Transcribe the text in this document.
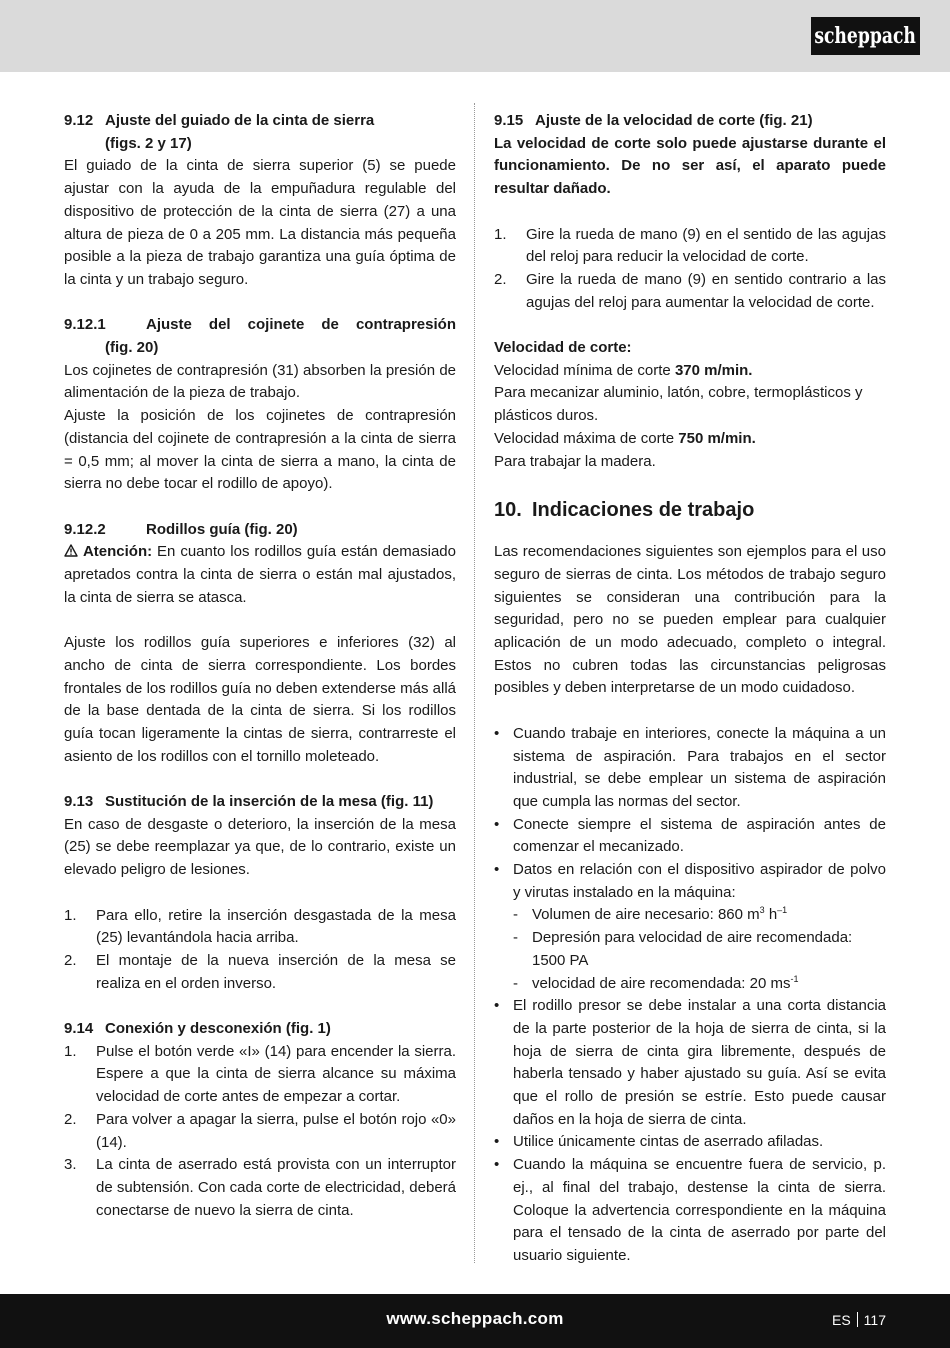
scheppach
9.12 Ajuste del guiado de la cinta de sierra
(figs. 2 y 17)

El guiado de la cinta de sierra superior (5) se puede ajustar con la ayuda de la empuñadura regulable del dispositivo de protección de la cinta de sierra (27) a una altura de pieza de 0 a 205 mm. La distancia más pequeña posible a la pieza de trabajo garantiza una guía óptima de la cinta y un trabajo seguro.

9.12.1	Ajuste del cojinete de contrapresión
(fig. 20)

Los cojinetes de contrapresión (31) absorben la presión de alimentación de la pieza de trabajo.

Ajuste la posición de los cojinetes de contrapresión (distancia del cojinete de contrapresión a la cinta de sierra = 0,5 mm; al mover la cinta de sierra a mano, la cinta de sierra no debe tocar el rodillo de apoyo).

9.12.2	Rodillos guía (fig. 20)

Atención: En cuanto los rodillos guía están demasiado apretados contra la cinta de sierra o están mal ajustados, la cinta de sierra se atasca.

Ajuste los rodillos guía superiores e inferiores (32) al ancho de cinta de sierra correspondiente. Los bordes frontales de los rodillos guía no deben extenderse más allá de la base dentada de la cinta de sierra. Si los rodillos guía tocan ligeramente la cintas de sierra, contrarreste el asiento de los rodillos con el tornillo moleteado.

9.13 Sustitución de la inserción de la mesa (fig. 11)

En caso de desgaste o deterioro, la inserción de la mesa (25) se debe reemplazar ya que, de lo contrario, existe un elevado peligro de lesiones.

1.	Para ello, retire la inserción desgastada de la mesa (25) levantándola hacia arriba.
2.	El montaje de la nueva inserción de la mesa se realiza en el orden inverso.
9.14 Conexión y desconexión (fig. 1)
1.	Pulse el botón verde «I» (14) para encender la sierra. Espere a que la cinta de sierra alcance su máxima velocidad de corte antes de empezar a cortar.
2.	Para volver a apagar la sierra, pulse el botón rojo «0» (14).
3.	La cinta de aserrado está provista con un interruptor de subtensión. Con cada corte de electricidad, deberá conectarse de nuevo la sierra de cinta.
9.15 Ajuste de la velocidad de corte (fig. 21)

La velocidad de corte solo puede ajustarse durante el funcionamiento. De no ser así, el aparato puede resultar dañado.

1.	Gire la rueda de mano (9) en el sentido de las agujas del reloj para reducir la velocidad de corte.
2.	Gire la rueda de mano (9) en sentido contrario a las agujas del reloj para aumentar la velocidad de corte.

Velocidad de corte:

Velocidad mínima de corte 370 m/min.

Para mecanizar aluminio, latón, cobre, termoplásticos y plásticos duros.

Velocidad máxima de corte 750 m/min.

Para trabajar la madera.

10. Indicaciones de trabajo

Las recomendaciones siguientes son ejemplos para el uso seguro de sierras de cinta. Los métodos de trabajo seguro siguientes se consideran una contribución para la seguridad, pero no se pueden emplear para cualquier aplicación de un modo adecuado, completo o integral. Estos no cubren todas las circunstancias peligrosas posibles y deben interpretarse de un modo cuidadoso.

• Cuando trabaje en interiores, conecte la máquina a un sistema de aspiración. Para trabajos en el sector industrial, se debe emplear un sistema de aspiración que cumpla las normas del sector.
• Conecte siempre el sistema de aspiración antes de comenzar el mecanizado.
• Datos en relación con el dispositivo aspirador de polvo y virutas instalado en la máquina:
- Volumen de aire necesario: 860 $m^3$ $h^{-1}$
- Depresión para velocidad de aire recomendada: 1500 PA
- velocidad de aire recomendada: 20 $ms^{-1}$
• El rodillo presor se debe instalar a una corta distancia de la parte posterior de la hoja de sierra de cinta, si la hoja de sierra de cinta gira libremente, después de haberla tensado y haber ajustado su guía. Así se evita que el rollo de presión se estríe. Esto puede causar daños en la hoja de sierra de cinta.
• Utilice únicamente cintas de aserrado afiladas.
• Cuando la máquina se encuentre fuera de servicio, p. ej., al final del trabajo, destense la cinta de sierra. Coloque la advertencia correspondiente en la máquina para el tensado de la cinta de aserrado por parte del usuario siguiente.
www.scheppach.com	ES 117
